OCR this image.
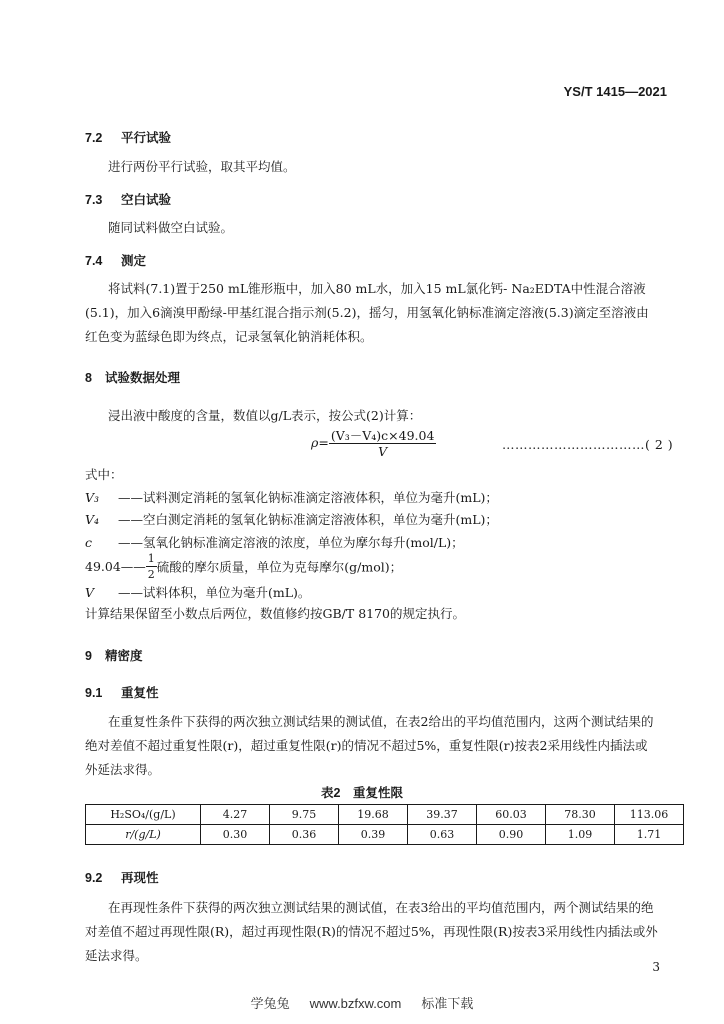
YS/T 1415—2021
7.2 平行试验
进行两份平行试验，取其平均值。
7.3 空白试验
随同试料做空白试验。
7.4 测定
将试料(7.1)置于250 mL锥形瓶中，加入80 mL水，加入15 mL氯化钙- Na₂EDTA中性混合溶液(5.1)，加入6滴溴甲酚绿-甲基红混合指示剂(5.2)，摇匀，用氢氧化钠标准滴定溶液(5.3)滴定至溶液由红色变为蓝绿色即为终点，记录氢氧化钠消耗体积。
8 试验数据处理
浸出液中酸度的含量，数值以g/L表示，按公式(2)计算：
$\rho= \frac{\text{(V₃－V₄)c×49.04}}{V}$	……………………………( 2 )
式中：
V₃ ——试料测定消耗的氢氧化钠标准滴定溶液体积，单位为毫升(mL)；
V₄ ——空白测定消耗的氢氧化钠标准滴定溶液体积，单位为毫升(mL)；
c ——氢氧化钠标准滴定溶液的浓度，单位为摩尔每升(mol/L)；
49.04—— $\frac{1}{2}$ 硫酸的摩尔质量，单位为克每摩尔(g/mol)；
V ——试料体积，单位为毫升(mL)。
计算结果保留至小数点后两位，数值修约按GB/T 8170的规定执行。
9 精密度
9.1 重复性
在重复性条件下获得的两次独立测试结果的测试值，在表2给出的平均值范围内，这两个测试结果的绝对差值不超过重复性限(r)，超过重复性限(r)的情况不超过5%，重复性限(r)按表2采用线性内插法或外延法求得。
表2　重复性限
H₂SO₄/(g/L)	4.27	9.75	19.68	39.37	60.03	78.30	113.06
r/(g/L)	0.30	0.36	0.39	0.63	0.90	1.09	1.71
9.2 再现性
在再现性条件下获得的两次独立测试结果的测试值，在表3给出的平均值范围内，两个测试结果的绝对差值不超过再现性限(R)，超过再现性限(R)的情况不超过5%，再现性限(R)按表3采用线性内插法或外延法求得。
3
学兔兔 www.bzfxw.com 标准下载
